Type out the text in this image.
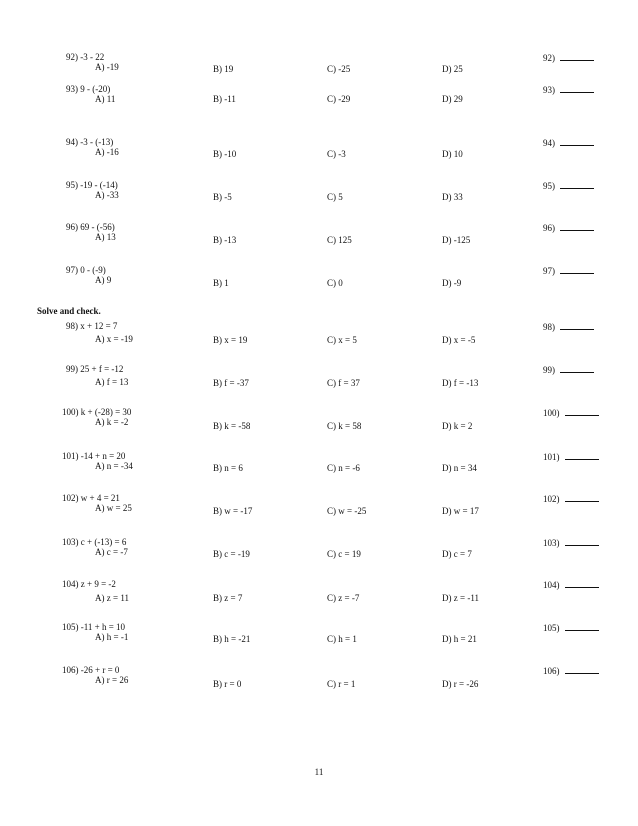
92) -3 - 22
A) -19	B) 19	C) -25	D) 25
92)
93) 9 - (-20)
A) 11	B) -11	C) -29	D) 29
93)
94) -3 - (-13)
A) -16	B) -10	C) -3	D) 10
94)
95) -19 - (-14)
A) -33	B) -5	C) 5	D) 33
95)
96) 69 - (-56)
A) 13	B) -13	C) 125	D) -125
96)
97) 0 - (-9)
A) 9	B) 1	C) 0	D) -9
97)
Solve and check.
98) x + 12 = 7
A) x = -19	B) x = 19	C) x = 5	D) x = -5
98)
99) 25 + f = -12
A) f = 13	B) f = -37	C) f = 37	D) f = -13
99)
100) k + (-28) = 30
A) k = -2	B) k = -58	C) k = 58	D) k = 2
100)
101) -14 + n = 20
A) n = -34	B) n = 6	C) n = -6	D) n = 34
101)
102) w + 4 = 21
A) w = 25	B) w = -17	C) w = -25	D) w = 17
102)
103) c + (-13) = 6
A) c = -7	B) c = -19	C) c = 19	D) c = 7
103)
104) z + 9 = -2
A) z = 11	B) z = 7	C) z = -7	D) z = -11
104)
105) -11 + h = 10
A) h = -1	B) h = -21	C) h = 1	D) h = 21
105)
106) -26 + r = 0
A) r = 26	B) r = 0	C) r = 1	D) r = -26
106)
11
